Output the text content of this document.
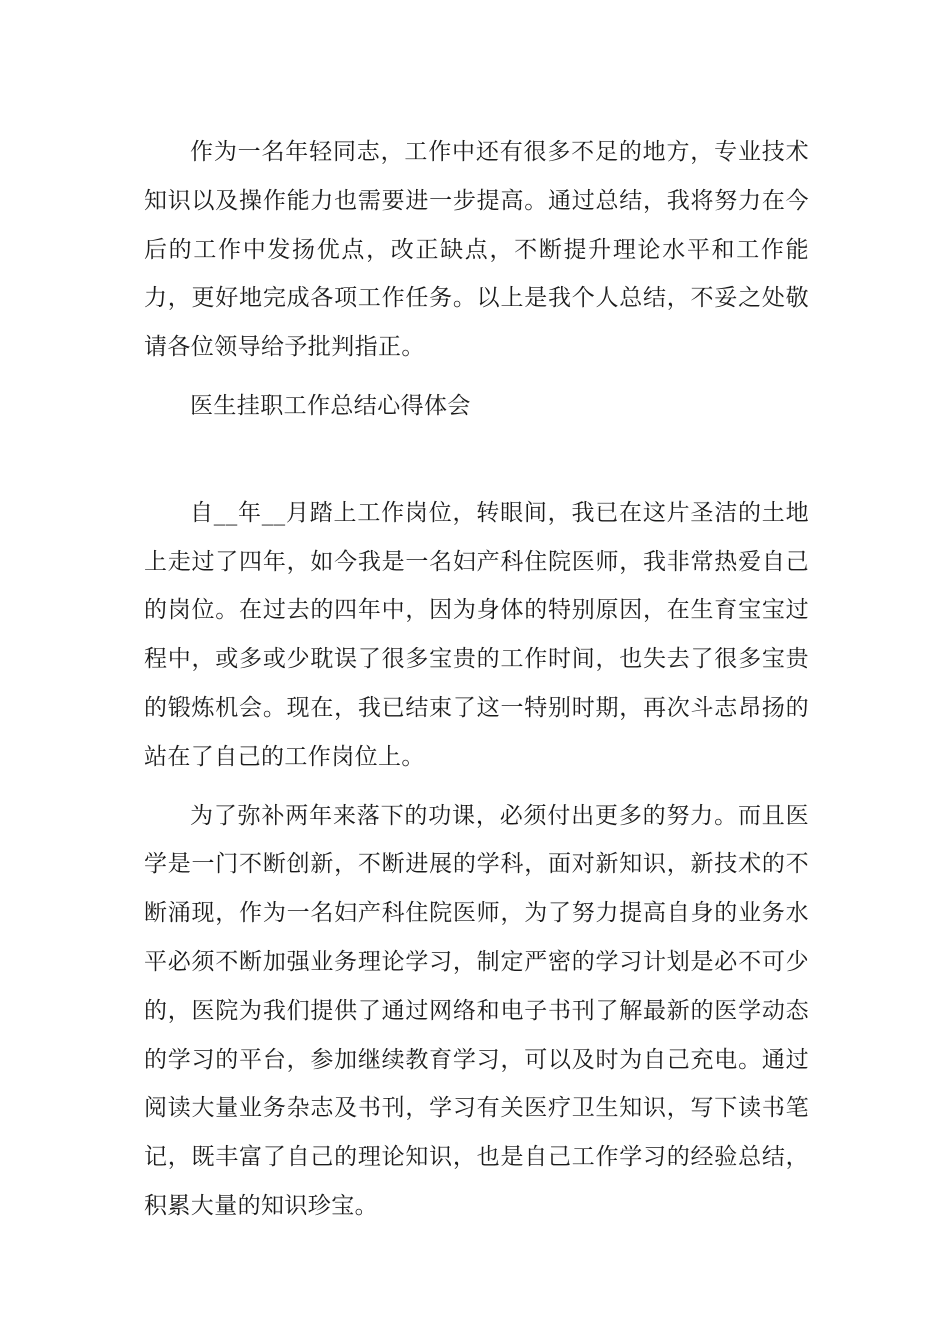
作为一名年轻同志，工作中还有很多不足的地方，专业技术知识以及操作能力也需要进一步提高。通过总结，我将努力在今后的工作中发扬优点，改正缺点，不断提升理论水平和工作能力，更好地完成各项工作任务。以上是我个人总结，不妥之处敬请各位领导给予批判指正。

医生挂职工作总结心得体会

自__年__月踏上工作岗位，转眼间，我已在这片圣洁的土地上走过了四年，如今我是一名妇产科住院医师，我非常热爱自己的岗位。在过去的四年中，因为身体的特别原因，在生育宝宝过程中，或多或少耽误了很多宝贵的工作时间，也失去了很多宝贵的锻炼机会。现在，我已结束了这一特别时期，再次斗志昂扬的站在了自己的工作岗位上。

为了弥补两年来落下的功课，必须付出更多的努力。而且医学是一门不断创新，不断进展的学科，面对新知识，新技术的不断涌现，作为一名妇产科住院医师，为了努力提高自身的业务水平必须不断加强业务理论学习，制定严密的学习计划是必不可少的，医院为我们提供了通过网络和电子书刊了解最新的医学动态的学习的平台，参加继续教育学习，可以及时为自己充电。通过阅读大量业务杂志及书刊，学习有关医疗卫生知识，写下读书笔记，既丰富了自己的理论知识，也是自己工作学习的经验总结，积累大量的知识珍宝。
